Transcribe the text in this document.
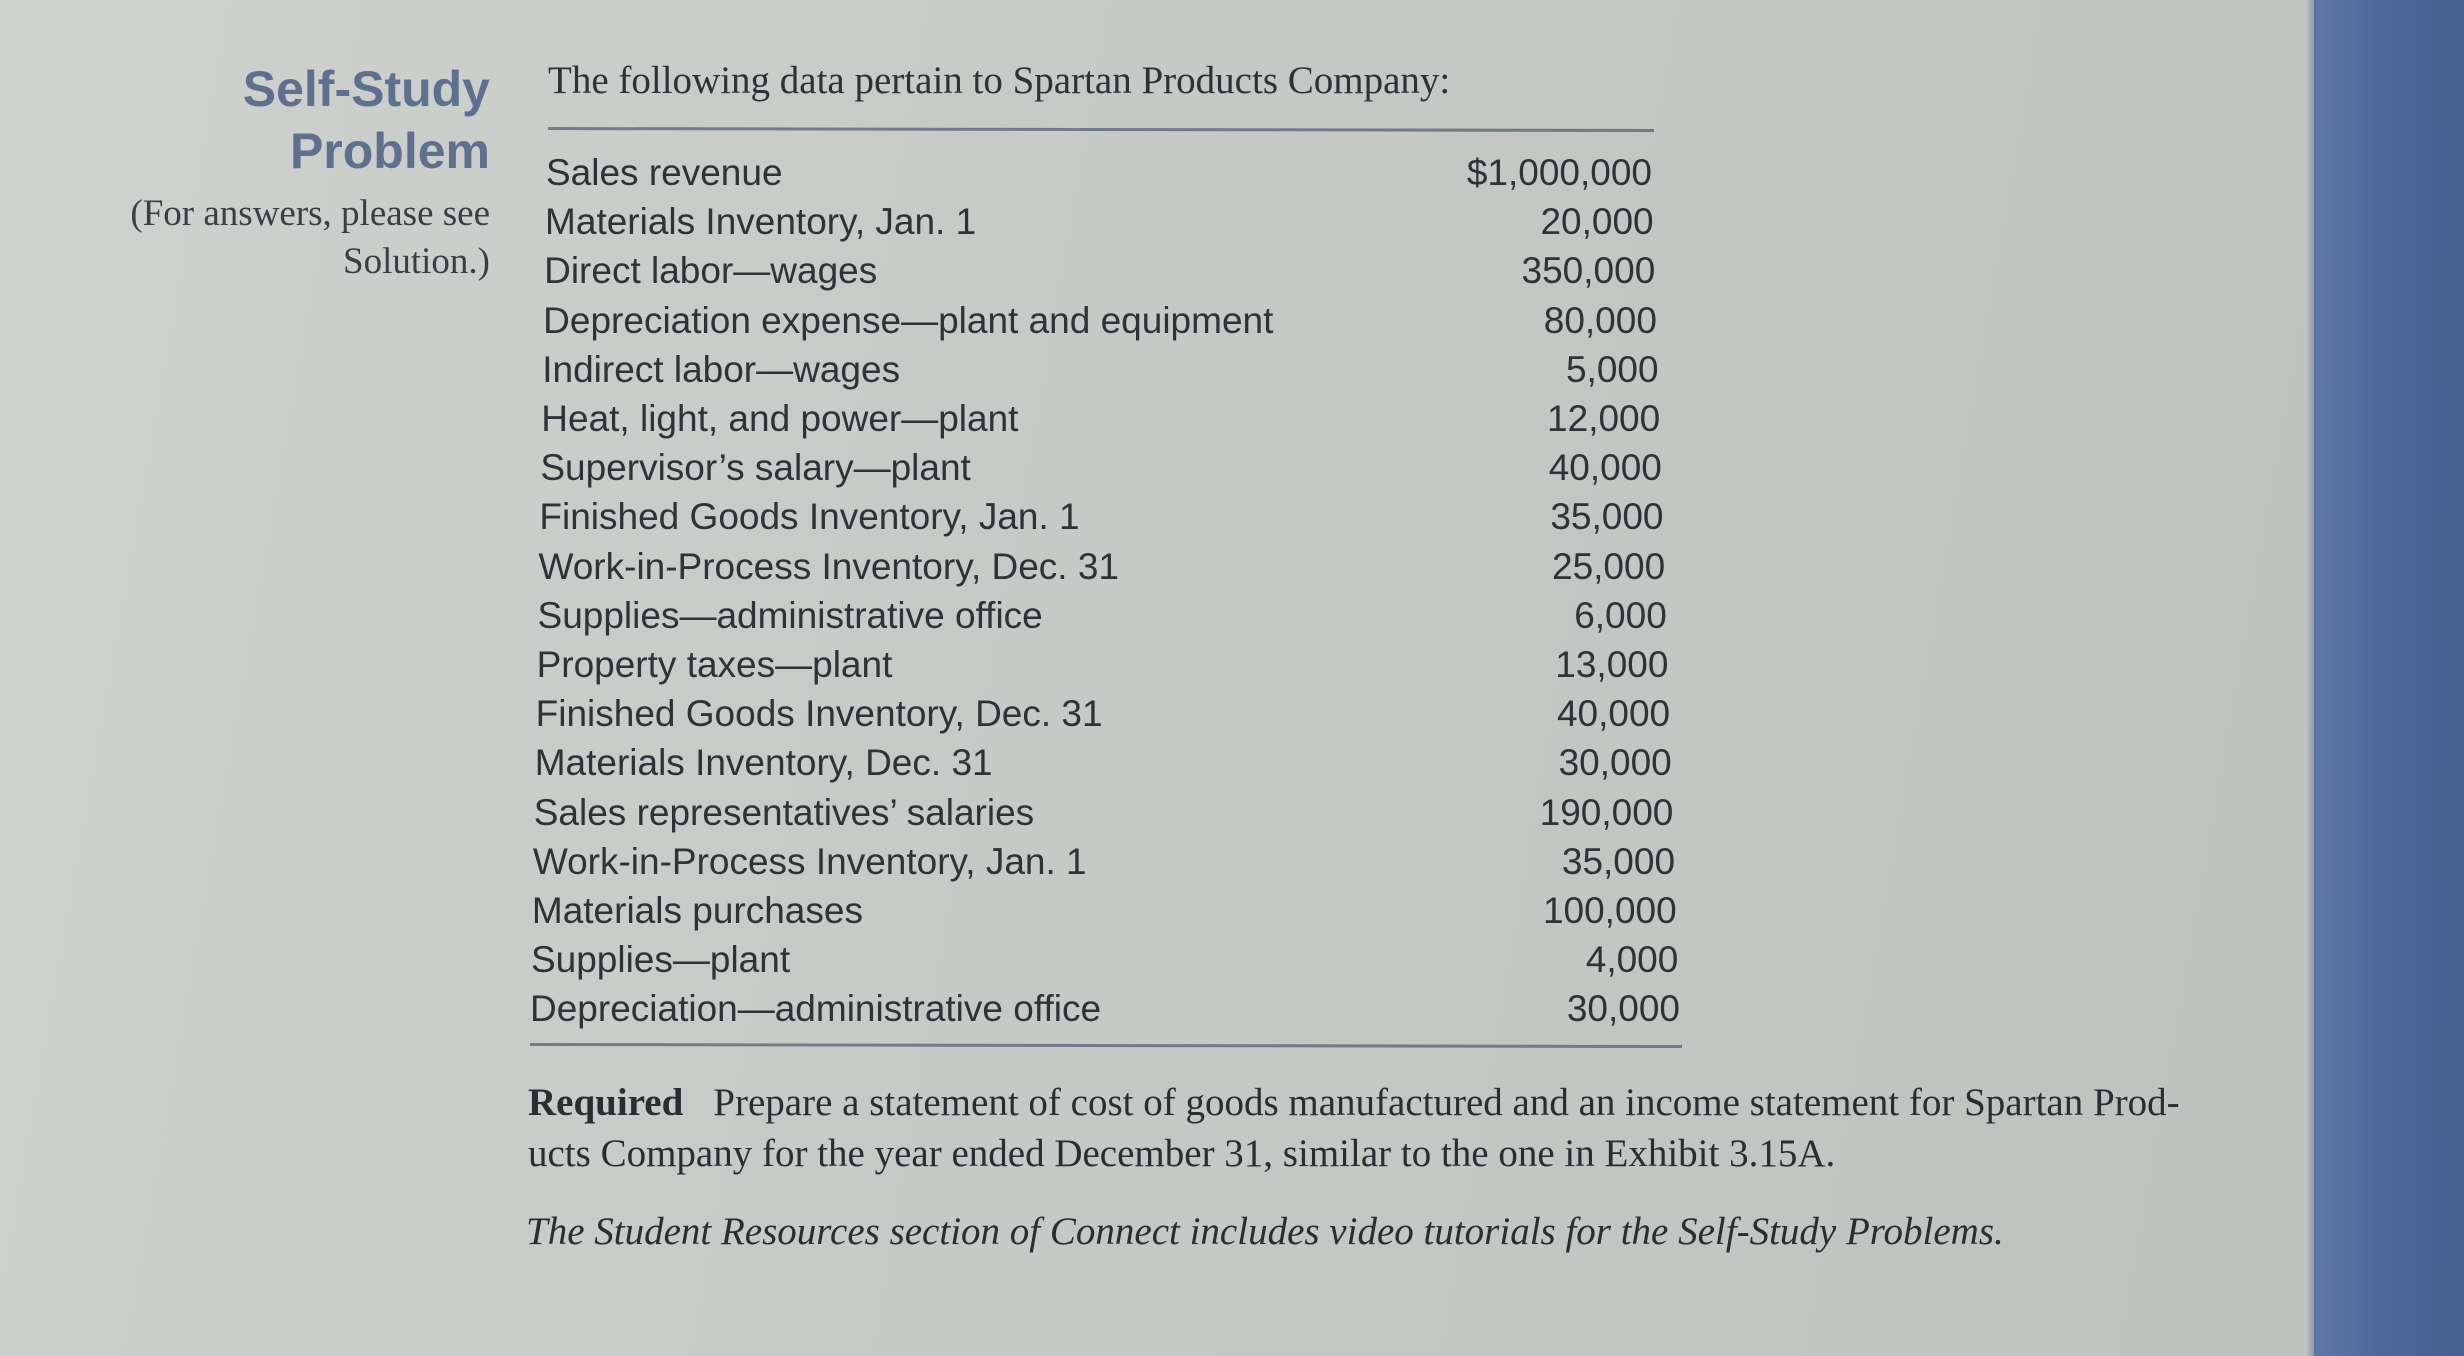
Self-Study
Problem
(For answers, please see
Solution.)
The following data pertain to Spartan Products Company:
Sales revenue	$1,000,000
Materials Inventory, Jan. 1	20,000
Direct labor—wages	350,000
Depreciation expense—plant and equipment	80,000
Indirect labor—wages	5,000
Heat, light, and power—plant	12,000
Supervisor’s salary—plant	40,000
Finished Goods Inventory, Jan. 1	35,000
Work-in-Process Inventory, Dec. 31	25,000
Supplies—administrative office	6,000
Property taxes—plant	13,000
Finished Goods Inventory, Dec. 31	40,000
Materials Inventory, Dec. 31	30,000
Sales representatives’ salaries	190,000
Work-in-Process Inventory, Jan. 1	35,000
Materials purchases	100,000
Supplies—plant	4,000
Depreciation—administrative office	30,000
Required Prepare a statement of cost of goods manufactured and an income statement for Spartan Prod-
ucts Company for the year ended December 31, similar to the one in Exhibit 3.15A.
The Student Resources section of Connect includes video tutorials for the Self-Study Problems.
